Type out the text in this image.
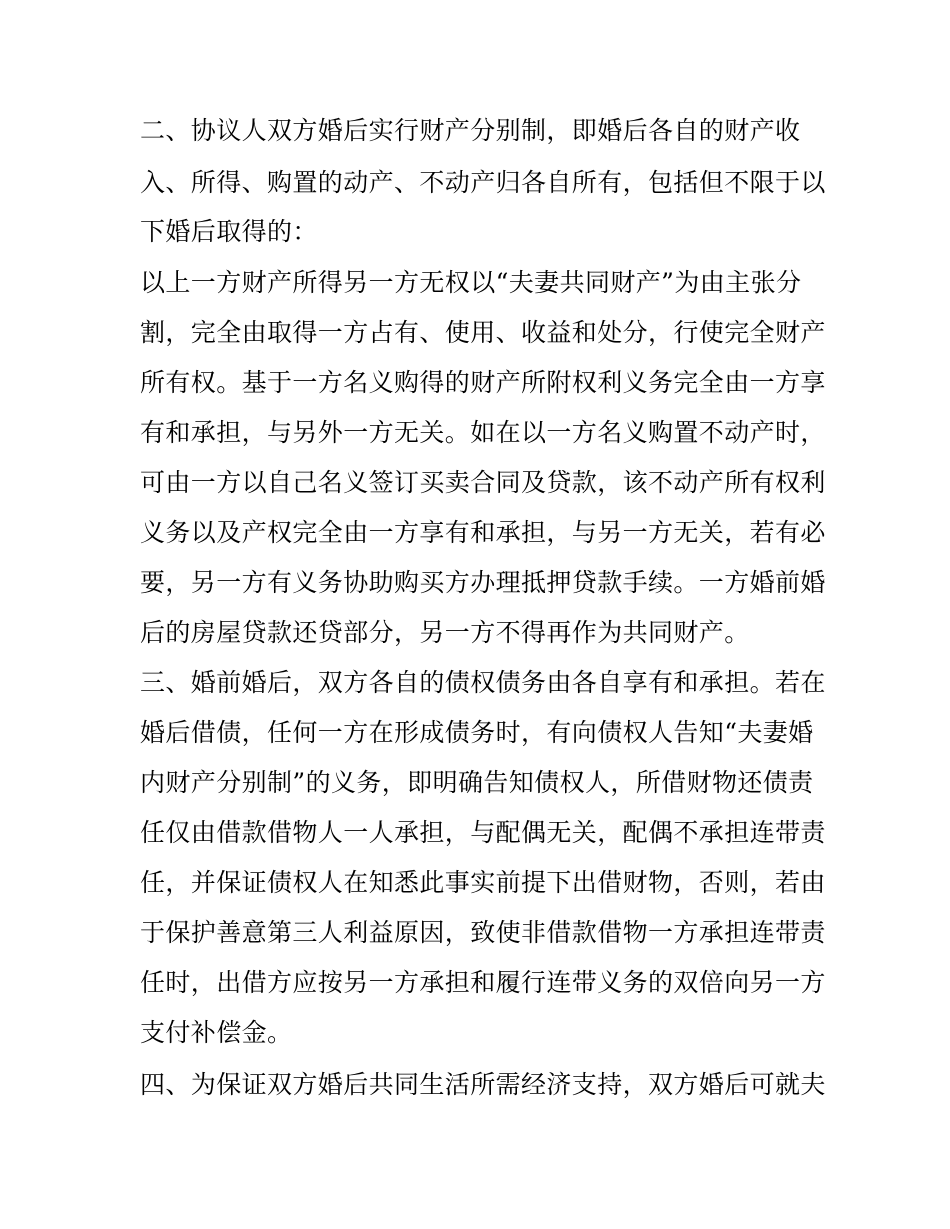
二、协议人双方婚后实行财产分别制，即婚后各自的财产收
入、所得、购置的动产、不动产归各自所有，包括但不限于以
下婚后取得的：
以上一方财产所得另一方无权以“夫妻共同财产”为由主张分
割，完全由取得一方占有、使用、收益和处分，行使完全财产
所有权。基于一方名义购得的财产所附权利义务完全由一方享
有和承担，与另外一方无关。如在以一方名义购置不动产时，
可由一方以自己名义签订买卖合同及贷款，该不动产所有权利
义务以及产权完全由一方享有和承担，与另一方无关，若有必
要，另一方有义务协助购买方办理抵押贷款手续。一方婚前婚
后的房屋贷款还贷部分，另一方不得再作为共同财产。
三、婚前婚后，双方各自的债权债务由各自享有和承担。若在
婚后借债，任何一方在形成债务时，有向债权人告知“夫妻婚
内财产分别制”的义务，即明确告知债权人，所借财物还债责
任仅由借款借物人一人承担，与配偶无关，配偶不承担连带责
任，并保证债权人在知悉此事实前提下出借财物，否则，若由
于保护善意第三人利益原因，致使非借款借物一方承担连带责
任时，出借方应按另一方承担和履行连带义务的双倍向另一方
支付补偿金。
四、为保证双方婚后共同生活所需经济支持，双方婚后可就夫
